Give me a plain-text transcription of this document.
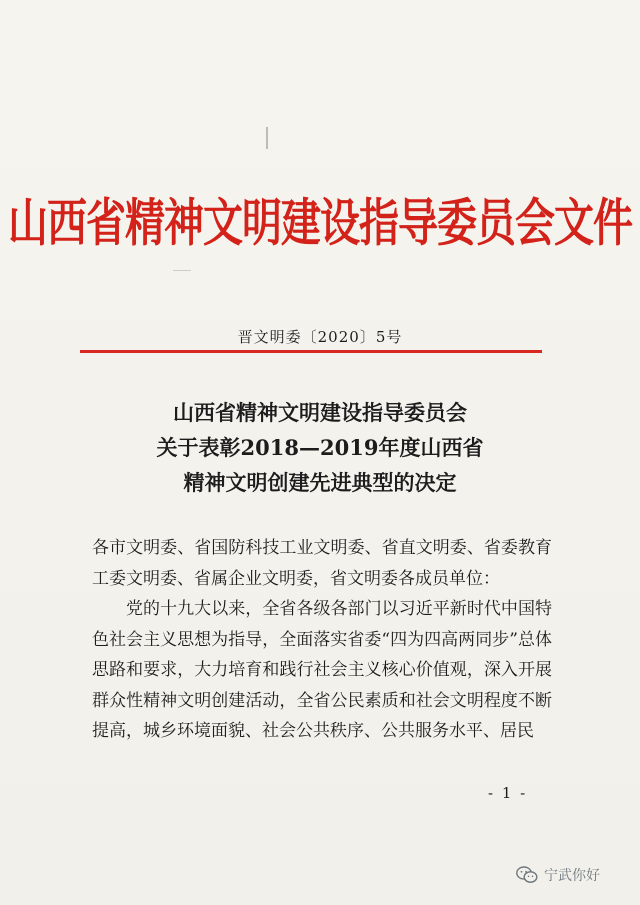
山西省精神文明建设指导委员会文件
晋文明委〔2020〕5号
山西省精神文明建设指导委员会
关于表彰2018—2019年度山西省
精神文明创建先进典型的决定

各市文明委、省国防科技工业文明委、省直文明委、省委教育工委文明委、省属企业文明委，省文明委各成员单位：

党的十九大以来，全省各级各部门以习近平新时代中国特色社会主义思想为指导，全面落实省委“四为四高两同步”总体思路和要求，大力培育和践行社会主义核心价值观，深入开展群众性精神文明创建活动，全省公民素质和社会文明程度不断提高，城乡环境面貌、社会公共秩序、公共服务水平、居民

- 1 -
宁武你好
